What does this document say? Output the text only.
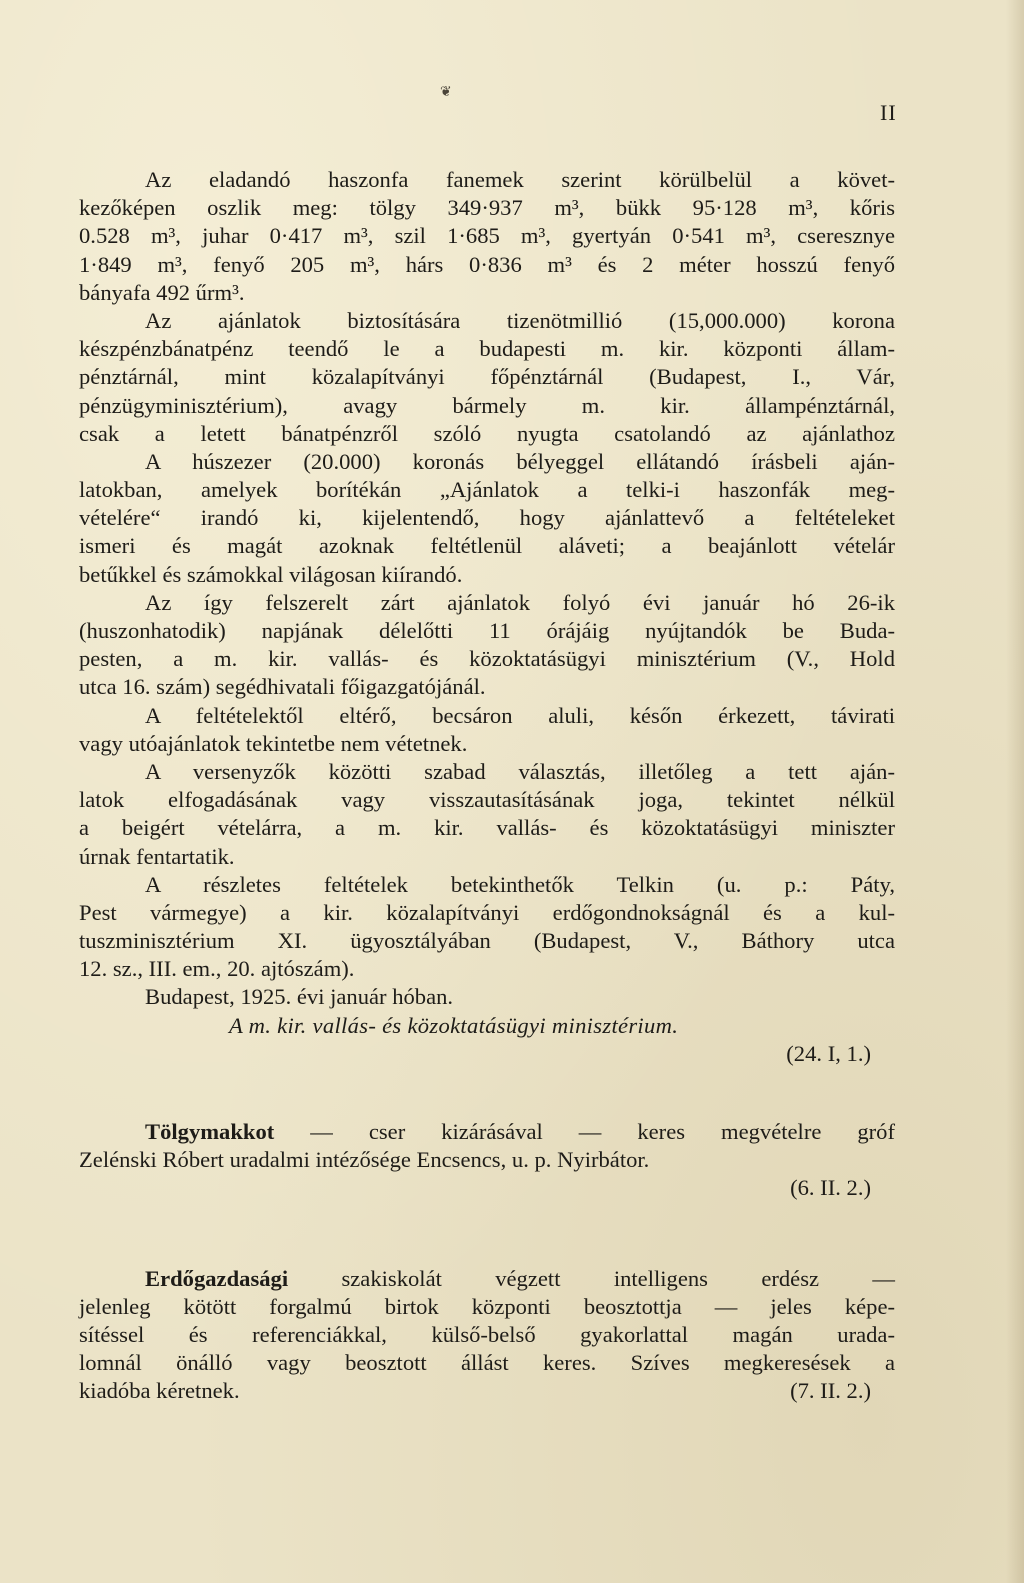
❦
II
Az eladandó haszonfa fanemek szerint körülbelül a követ-
kezőképen oszlik meg: tölgy 349·937 m³, bükk 95·128 m³, kőris
0.528 m³, juhar 0·417 m³, szil 1·685 m³, gyertyán 0·541 m³, cseresznye
1·849 m³, fenyő 205 m³, hárs 0·836 m³ és 2 méter hosszú fenyő
bányafa 492 űrm³.
Az ajánlatok biztosítására tizenötmillió (15,000.000) korona
készpénzbánatpénz teendő le a budapesti m. kir. központi állam-
pénztárnál, mint közalapítványi főpénztárnál (Budapest, I., Vár,
pénzügyminisztérium), avagy bármely m. kir. állampénztárnál,
csak a letett bánatpénzről szóló nyugta csatolandó az ajánlathoz
A húszezer (20.000) koronás bélyeggel ellátandó írásbeli aján-
latokban, amelyek borítékán „Ajánlatok a telki-i haszonfák meg-
vételére“ irandó ki, kijelentendő, hogy ajánlattevő a feltételeket
ismeri és magát azoknak feltétlenül aláveti; a beajánlott vételár
betűkkel és számokkal világosan kiírandó.
Az így felszerelt zárt ajánlatok folyó évi január hó 26-ik
(huszonhatodik) napjának délelőtti 11 órájáig nyújtandók be Buda-
pesten, a m. kir. vallás- és közoktatásügyi minisztérium (V., Hold
utca 16. szám) segédhivatali főigazgatójánál.
A feltételektől eltérő, becsáron aluli, későn érkezett, távirati
vagy utóajánlatok tekintetbe nem vétetnek.
A versenyzők közötti szabad választás, illetőleg a tett aján-
latok elfogadásának vagy visszautasításának joga, tekintet nélkül
a beigért vételárra, a m. kir. vallás- és közoktatásügyi miniszter
úrnak fentartatik.
A részletes feltételek betekinthetők Telkin (u. p.: Páty,
Pest vármegye) a kir. közalapítványi erdőgondnokságnál és a kul-
tuszminisztérium XI. ügyosztályában (Budapest, V., Báthory utca
12. sz., III. em., 20. ajtószám).
Budapest, 1925. évi január hóban.
A m. kir. vallás- és közoktatásügyi minisztérium.
(24. I, 1.)
Tölgymakkot — cser kizárásával — keres megvételre gróf
Zelénski Róbert uradalmi intézősége Encsencs, u. p. Nyirbátor.
(6. II. 2.)
Erdőgazdasági szakiskolát végzett intelligens erdész —
jelenleg kötött forgalmú birtok központi beosztottja — jeles képe-
sítéssel és referenciákkal, külső-belső gyakorlattal magán urada-
lomnál önálló vagy beosztott állást keres. Szíves megkeresések a
kiadóba kéretnek.	(7. II. 2.)
